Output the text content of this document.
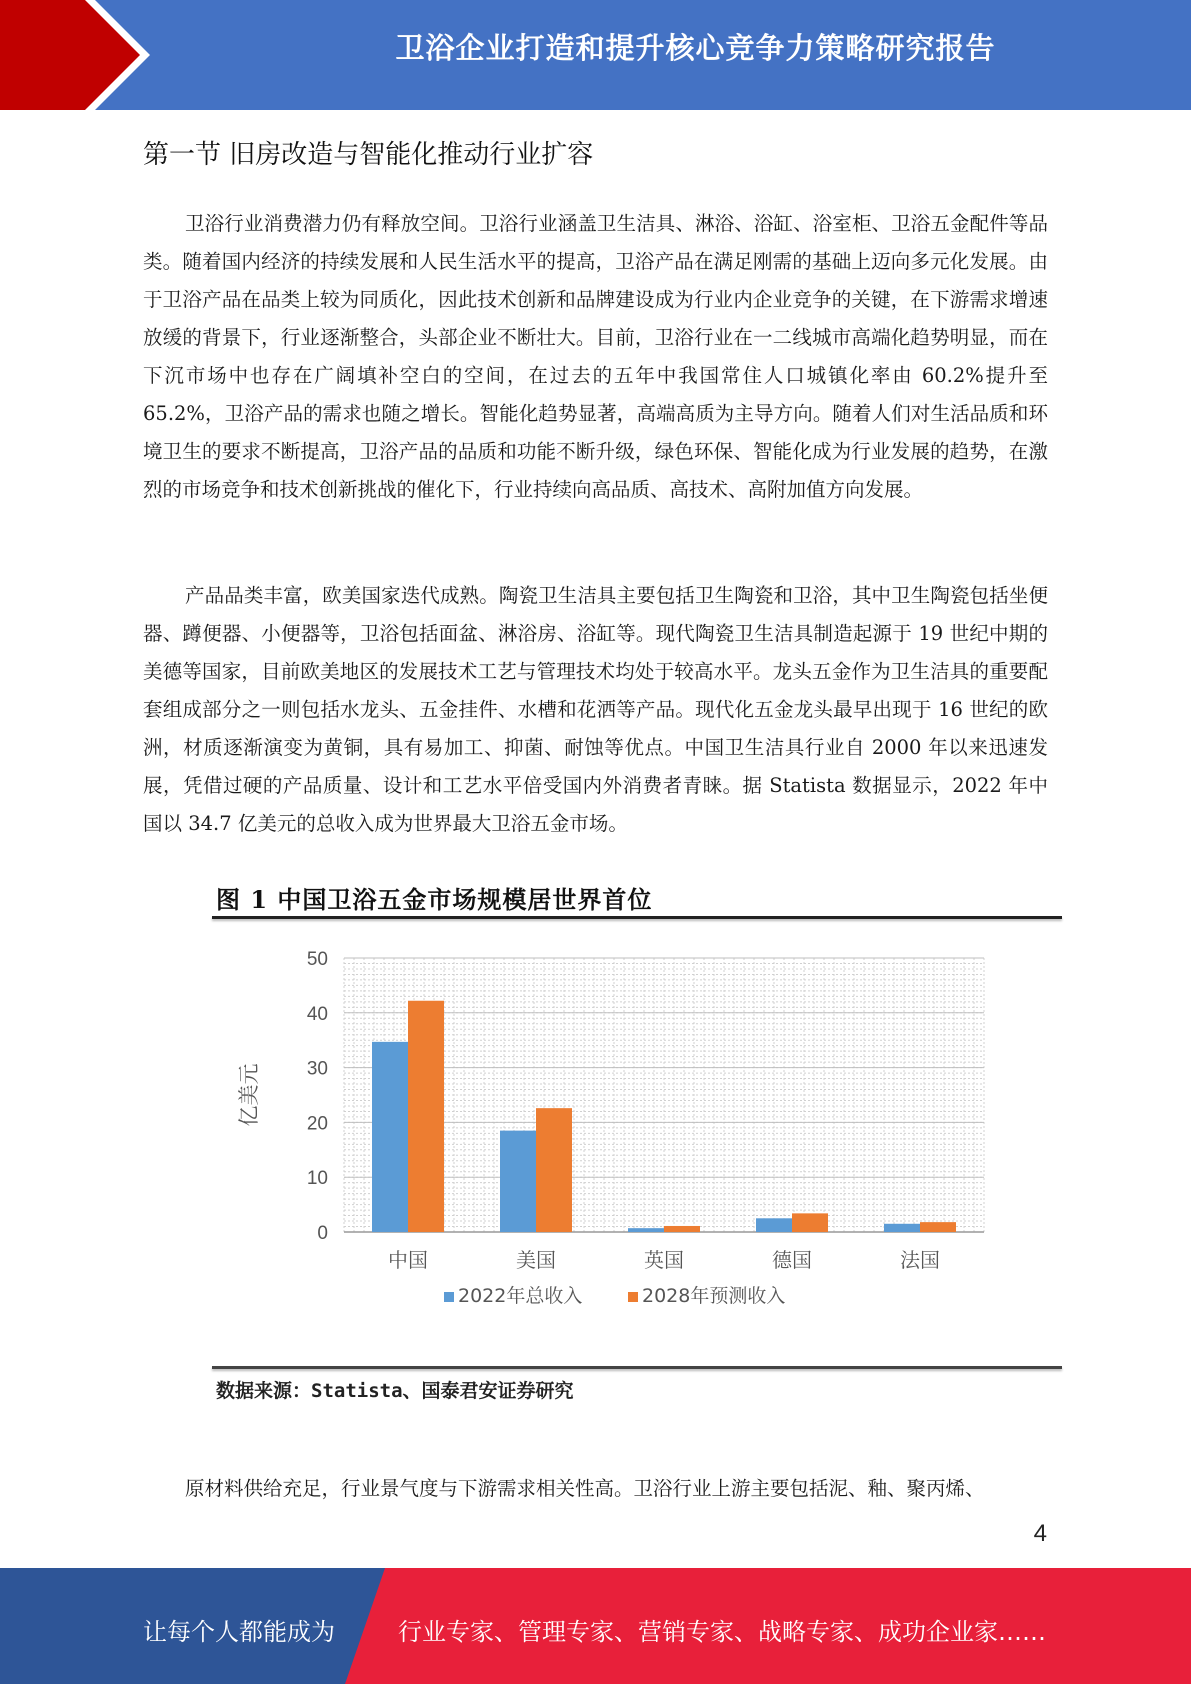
卫浴企业打造和提升核心竞争力策略研究报告
第一节 旧房改造与智能化推动行业扩容

卫浴行业消费潜力仍有释放空间。卫浴行业涵盖卫生洁具、淋浴、浴缸、浴室柜、卫浴五金配件等品类。随着国内经济的持续发展和人民生活水平的提高，卫浴产品在满足刚需的基础上迈向多元化发展。由于卫浴产品在品类上较为同质化，因此技术创新和品牌建设成为行业内企业竞争的关键，在下游需求增速放缓的背景下，行业逐渐整合，头部企业不断壮大。目前，卫浴行业在一二线城市高端化趋势明显，而在下沉市场中也存在广阔填补空白的空间，在过去的五年中我国常住人口城镇化率由 60.2%提升至 65.2%，卫浴产品的需求也随之增长。智能化趋势显著，高端高质为主导方向。随着人们对生活品质和环境卫生的要求不断提高，卫浴产品的品质和功能不断升级，绿色环保、智能化成为行业发展的趋势，在激烈的市场竞争和技术创新挑战的催化下，行业持续向高品质、高技术、高附加值方向发展。

产品品类丰富，欧美国家迭代成熟。陶瓷卫生洁具主要包括卫生陶瓷和卫浴，其中卫生陶瓷包括坐便器、蹲便器、小便器等，卫浴包括面盆、淋浴房、浴缸等。现代陶瓷卫生洁具制造起源于 19 世纪中期的美德等国家，目前欧美地区的发展技术工艺与管理技术均处于较高水平。龙头五金作为卫生洁具的重要配套组成部分之一则包括水龙头、五金挂件、水槽和花洒等产品。现代化五金龙头最早出现于 16 世纪的欧洲，材质逐渐演变为黄铜，具有易加工、抑菌、耐蚀等优点。中国卫生洁具行业自 2000 年以来迅速发展，凭借过硬的产品质量、设计和工艺水平倍受国内外消费者青睐。据 Statista 数据显示，2022 年中国以 34.7 亿美元的总收入成为世界最大卫浴五金市场。

图 1 中国卫浴五金市场规模居世界首位
0
10
20
30
40
50
亿美元
中国	美国	英国	德国	法国
2022年总收入	2028年预测收入
数据来源：Statista、国泰君安证券研究

原材料供给充足，行业景气度与下游需求相关性高。卫浴行业上游主要包括泥、釉、聚丙烯、

4
让每个人都能成为	行业专家、管理专家、营销专家、战略专家、成功企业家……
